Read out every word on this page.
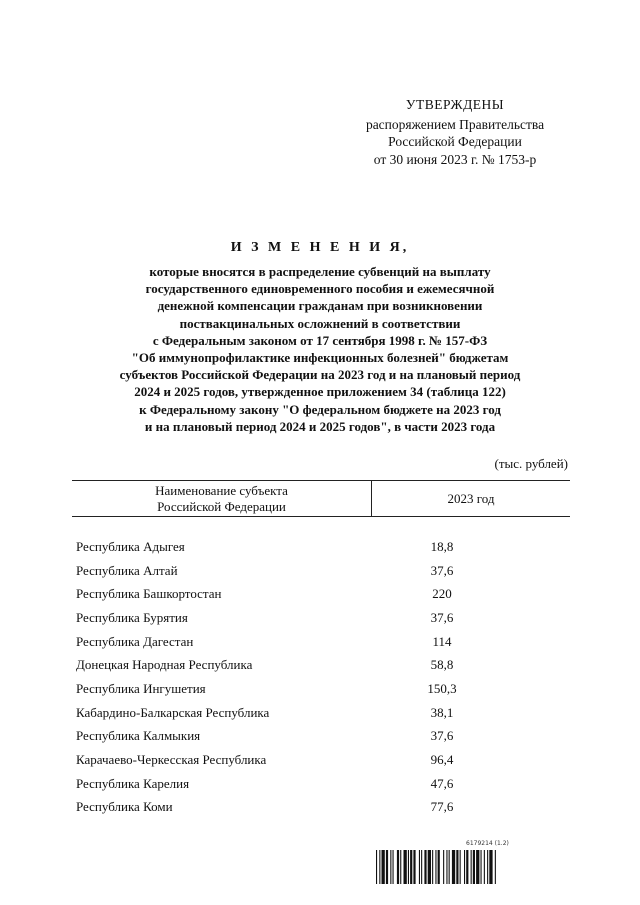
УТВЕРЖДЕНЫ
распоряжением Правительства
Российской Федерации
от 30 июня 2023 г. № 1753-р
И З М Е Н Е Н И Я,
которые вносятся в распределение субвенций на выплату
государственного единовременного пособия и ежемесячной
денежной компенсации гражданам при возникновении
поствакцинальных осложнений в соответствии
с Федеральным законом от 17 сентября 1998 г. № 157-ФЗ
"Об иммунопрофилактике инфекционных болезней" бюджетам
субъектов Российской Федерации на 2023 год и на плановый период
2024 и 2025 годов, утвержденное приложением 34 (таблица 122)
к Федеральному закону "О федеральном бюджете на 2023 год
и на плановый период 2024 и 2025 годов", в части 2023 года
(тыс. рублей)
Наименование субъекта
Российской Федерации	2023 год
Республика Адыгея	18,8
Республика Алтай	37,6
Республика Башкортостан	220
Республика Бурятия	37,6
Республика Дагестан	114
Донецкая Народная Республика	58,8
Республика Ингушетия	150,3
Кабардино-Балкарская Республика	38,1
Республика Калмыкия	37,6
Карачаево-Черкесская Республика	96,4
Республика Карелия	47,6
Республика Коми	77,6
6179214 (1.2)
